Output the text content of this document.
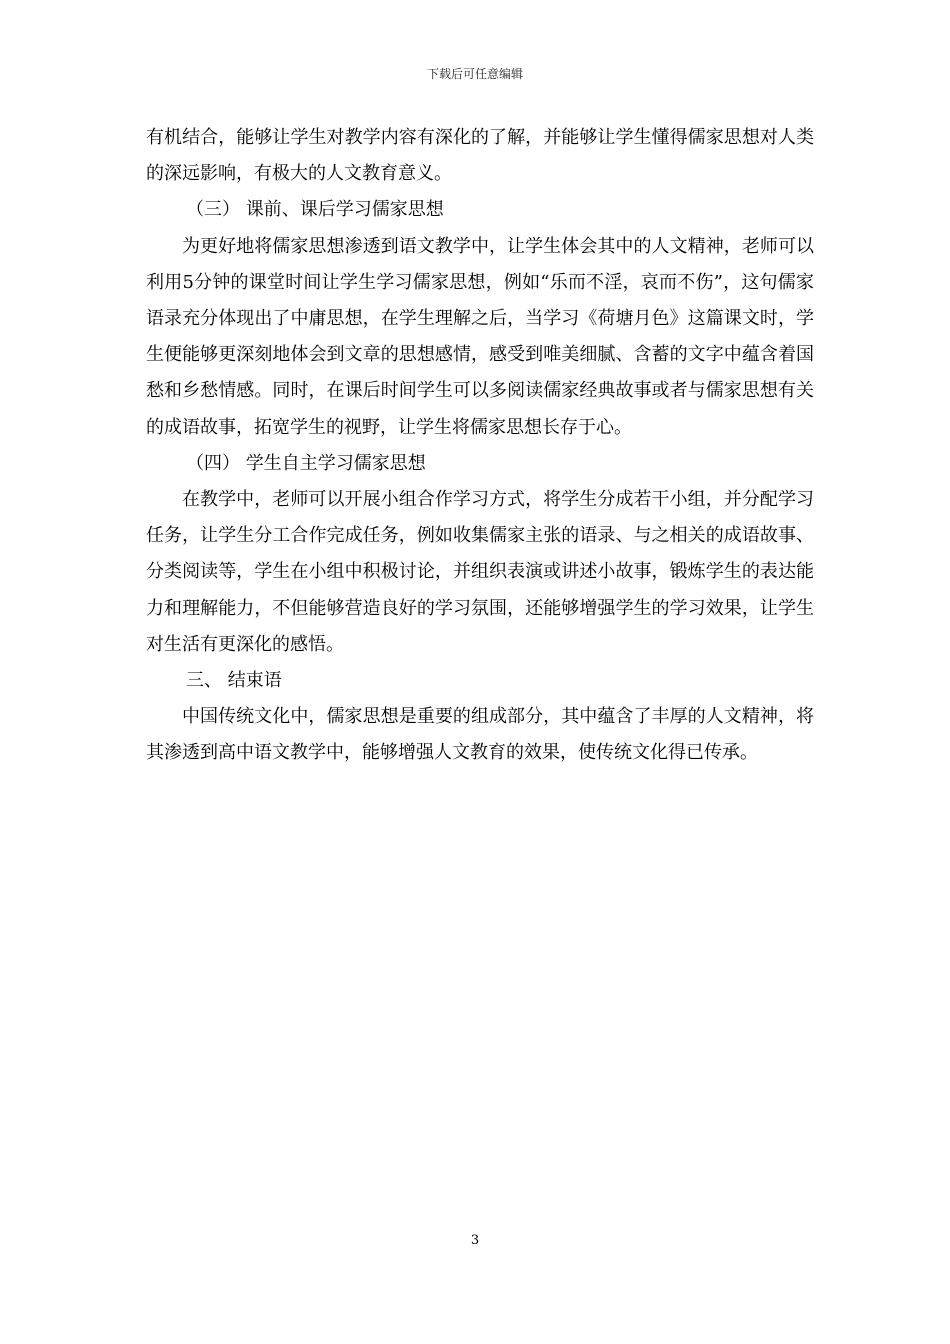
下载后可任意编辑

有机结合，能够让学生对教学内容有深化的了解，并能够让学生懂得儒家思想对人类的深远影响，有极大的人文教育意义。

（三） 课前、课后学习儒家思想

为更好地将儒家思想渗透到语文教学中，让学生体会其中的人文精神，老师可以利用5分钟的课堂时间让学生学习儒家思想，例如“乐而不淫，哀而不伤”，这句儒家语录充分体现出了中庸思想，在学生理解之后，当学习《荷塘月色》这篇课文时，学生便能够更深刻地体会到文章的思想感情，感受到唯美细腻、含蓄的文字中蕴含着国愁和乡愁情感。同时，在课后时间学生可以多阅读儒家经典故事或者与儒家思想有关的成语故事，拓宽学生的视野，让学生将儒家思想长存于心。

（四） 学生自主学习儒家思想

在教学中，老师可以开展小组合作学习方式，将学生分成若干小组，并分配学习任务，让学生分工合作完成任务，例如收集儒家主张的语录、与之相关的成语故事、分类阅读等，学生在小组中积极讨论，并组织表演或讲述小故事，锻炼学生的表达能力和理解能力，不但能够营造良好的学习氛围，还能够增强学生的学习效果，让学生对生活有更深化的感悟。

三、 结束语

中国传统文化中，儒家思想是重要的组成部分，其中蕴含了丰厚的人文精神，将其渗透到高中语文教学中，能够增强人文教育的效果，使传统文化得已传承。

3
